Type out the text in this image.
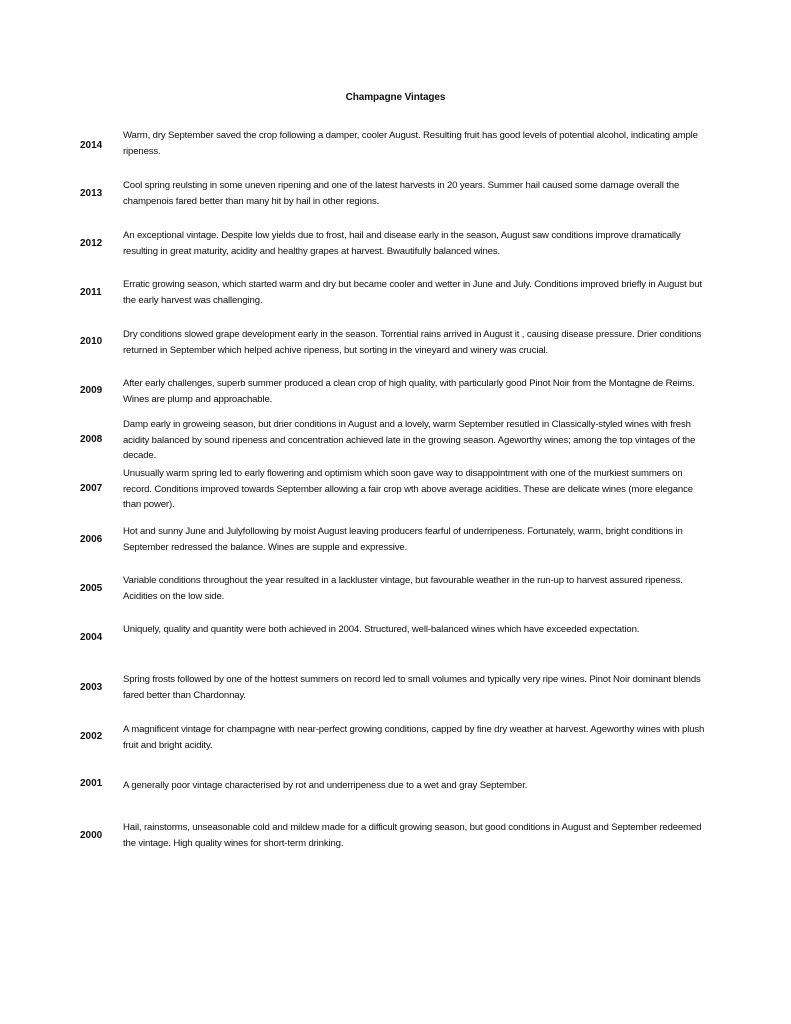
Champagne Vintages
2014
Warm, dry September saved the crop following a damper, cooler August. Resulting fruit has good levels of potential alcohol, indicating ample ripeness.
2013
Cool spring reulsting in some uneven ripening and one of the latest harvests in 20 years. Summer hail caused some damage overall the champenois fared better than many hit by hail in other regions.
2012
An exceptional vintage. Despite low yields due to frost, hail and disease early in the season, August saw conditions improve dramatically resulting in great maturity, acidity and healthy grapes at harvest. Bwautifully balanced wines.
2011
Erratic growing season, which started warm and dry but became cooler and wetter in June and July. Conditions improved briefly in August but the early harvest was challenging.
2010
Dry conditions slowed grape development early in the season. Torrential rains arrived in August it , causing disease pressure. Drier conditions returned in September which helped achive ripeness, but sorting in the vineyard and winery was crucial.
2009
After early challenges, superb summer produced a clean crop of high quality, with particularly good Pinot Noir from the Montagne de Reims. Wines are plump and approachable.
2008
Damp early in groweing season, but drier conditions in August and a lovely, warm September resutled in Classically-styled wines with fresh acidity balanced by sound ripeness and concentration achieved late in the growing season. Ageworthy wines; among the top vintages of the decade.
2007
Unusually warm spring led to early flowering and optimism which soon gave way to disappointment with one of the murkiest summers on record. Conditions improved towards September allowing a fair crop wth above average acidities. These are delicate wines (more elegance than power).
2006
Hot and sunny June and Julyfollowing by moist August leaving producers fearful of underripeness. Fortunately, warm, bright conditions in September redressed the balance. Wines are supple and expressive.
2005
Variable conditions throughout the year resulted in a lackluster vintage, but favourable weather in the run-up to harvest assured ripeness. Acidities on the low side.
2004
Uniquely, quality and quantity were both achieved in 2004. Structured, well-balanced wines which have exceeded expectation.
2003
Spring frosts followed by one of the hottest summers on record led to small volumes and typically very ripe wines. Pinot Noir dominant blends fared better than Chardonnay.
2002
A magnificent vintage for champagne with near-perfect growing conditions, capped by fine dry weather at harvest. Ageworthy wines with plush fruit and bright acidity.
2001	A generally poor vintage characterised by rot and underripeness due to a wet and gray September.
2000
Hail, rainstorms, unseasonable cold and mildew made for a difficult growing season, but good conditions in August and September redeemed the vintage. High quality wines for short-term drinking.
